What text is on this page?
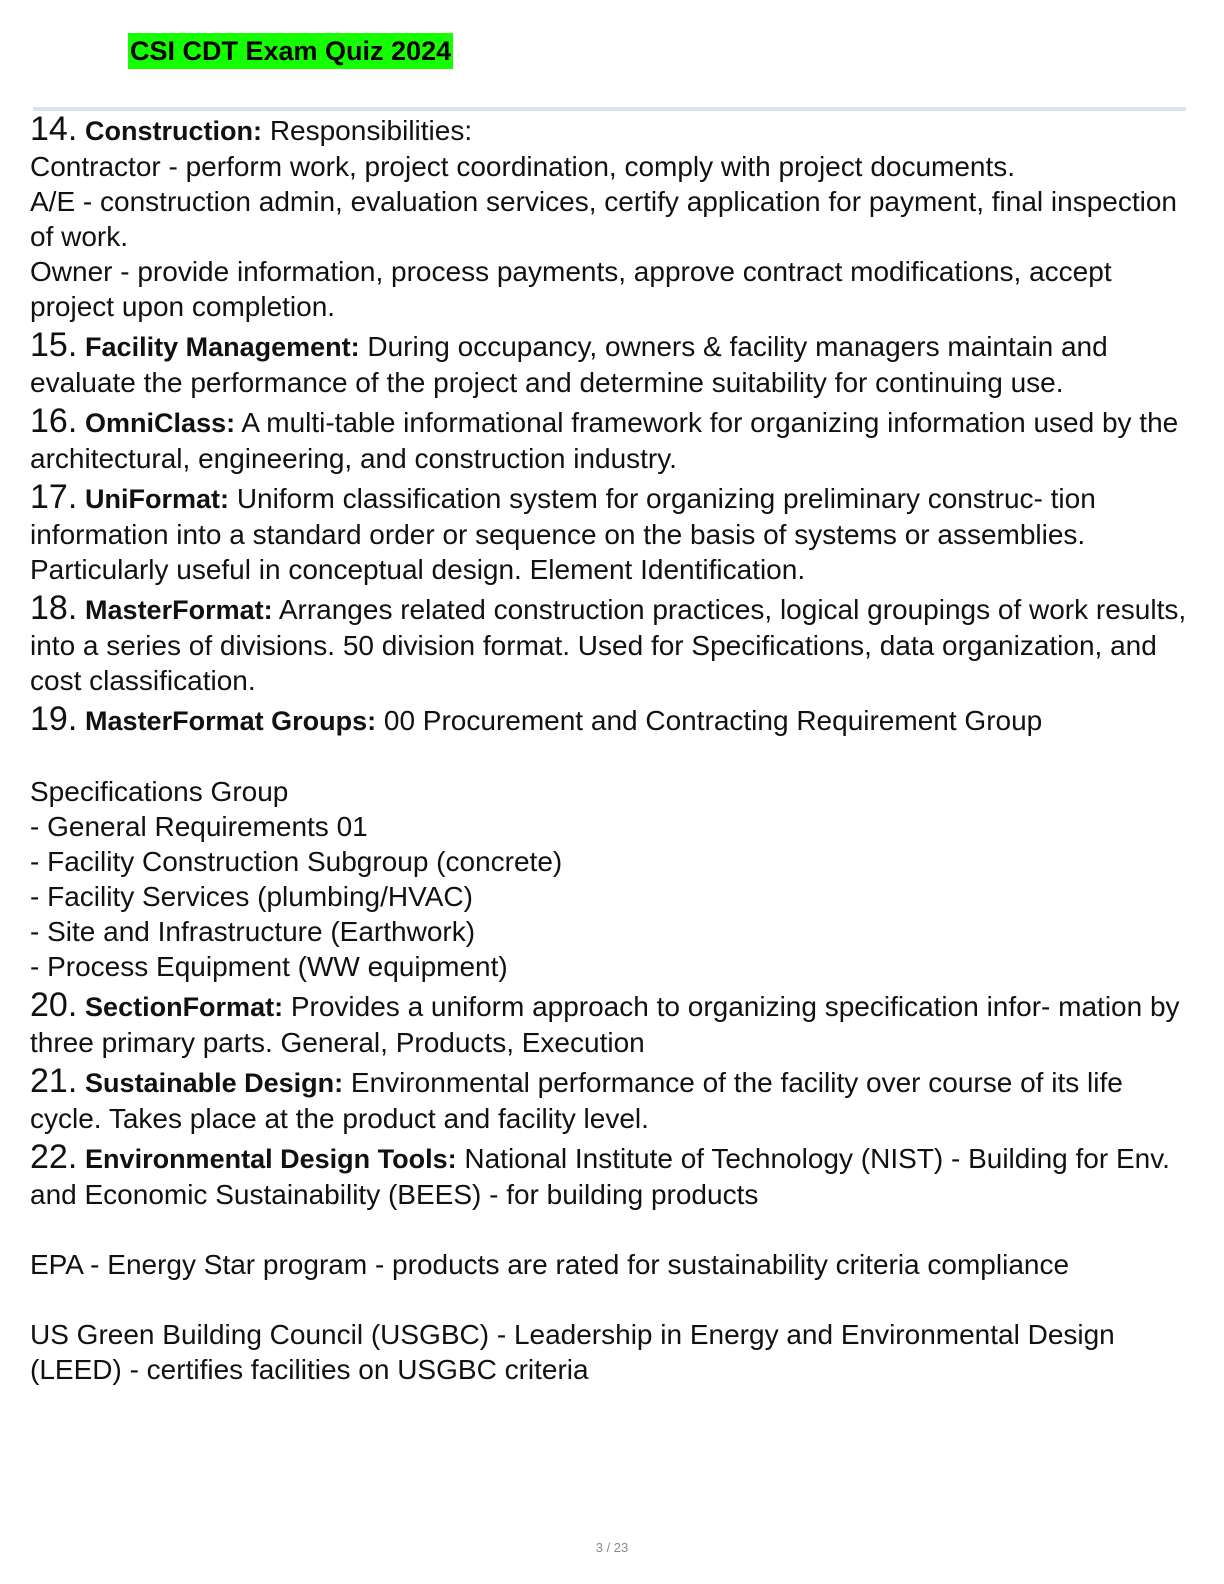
CSI CDT Exam Quiz 2024

14. Construction: Responsibilities:

Contractor - perform work, project coordination, comply with project documents.

A/E - construction admin, evaluation services, certify application for payment, final inspection of work.

Owner - provide information, process payments, approve contract modifications, accept project upon completion.

15. Facility Management: During occupancy, owners & facility managers maintain and evaluate the performance of the project and determine suitability for continuing use.

16. OmniClass: A multi-table informational framework for organizing information used by the architectural, engineering, and construction industry.

17. UniFormat: Uniform classification system for organizing preliminary construc- tion information into a standard order or sequence on the basis of systems or assemblies. Particularly useful in conceptual design. Element Identification.

18. MasterFormat: Arranges related construction practices, logical groupings of work results, into a series of divisions. 50 division format. Used for Specifications, data organization, and cost classification.

19. MasterFormat Groups: 00 Procurement and Contracting Requirement Group

Specifications Group

- General Requirements 01

- Facility Construction Subgroup (concrete)

- Facility Services (plumbing/HVAC)

- Site and Infrastructure (Earthwork)

- Process Equipment (WW equipment)

20. SectionFormat: Provides a uniform approach to organizing specification infor- mation by three primary parts. General, Products, Execution

21. Sustainable Design: Environmental performance of the facility over course of its life cycle. Takes place at the product and facility level.

22. Environmental Design Tools: National Institute of Technology (NIST) - Building for Env. and Economic Sustainability (BEES) - for building products

EPA - Energy Star program - products are rated for sustainability criteria compliance

US Green Building Council (USGBC) - Leadership in Energy and Environmental Design (LEED) - certifies facilities on USGBC criteria

3 / 23
